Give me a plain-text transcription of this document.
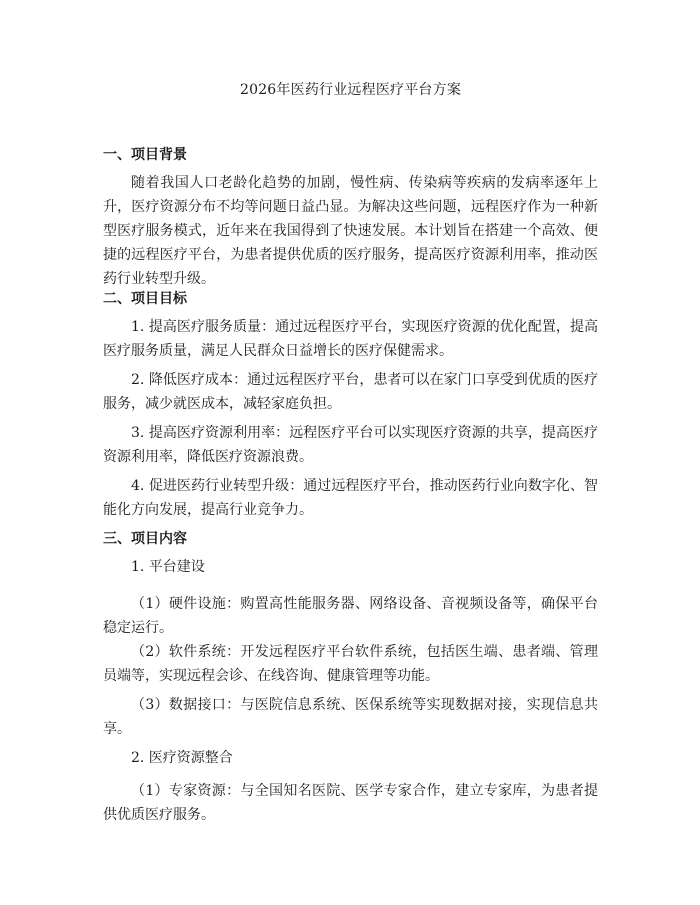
2026年医药行业远程医疗平台方案
一、项目背景
随着我国人口老龄化趋势的加剧，慢性病、传染病等疾病的发病率逐年上升，医疗资源分布不均等问题日益凸显。为解决这些问题，远程医疗作为一种新型医疗服务模式，近年来在我国得到了快速发展。本计划旨在搭建一个高效、便捷的远程医疗平台，为患者提供优质的医疗服务，提高医疗资源利用率，推动医药行业转型升级。
二、项目目标
1. 提高医疗服务质量：通过远程医疗平台，实现医疗资源的优化配置，提高医疗服务质量，满足人民群众日益增长的医疗保健需求。
2. 降低医疗成本：通过远程医疗平台，患者可以在家门口享受到优质的医疗服务，减少就医成本，减轻家庭负担。
3. 提高医疗资源利用率：远程医疗平台可以实现医疗资源的共享，提高医疗资源利用率，降低医疗资源浪费。
4. 促进医药行业转型升级：通过远程医疗平台，推动医药行业向数字化、智能化方向发展，提高行业竞争力。
三、项目内容
1. 平台建设
（1）硬件设施：购置高性能服务器、网络设备、音视频设备等，确保平台稳定运行。
（2）软件系统：开发远程医疗平台软件系统，包括医生端、患者端、管理员端等，实现远程会诊、在线咨询、健康管理等功能。
（3）数据接口：与医院信息系统、医保系统等实现数据对接，实现信息共享。
2. 医疗资源整合
（1）专家资源：与全国知名医院、医学专家合作，建立专家库，为患者提供优质医疗服务。
